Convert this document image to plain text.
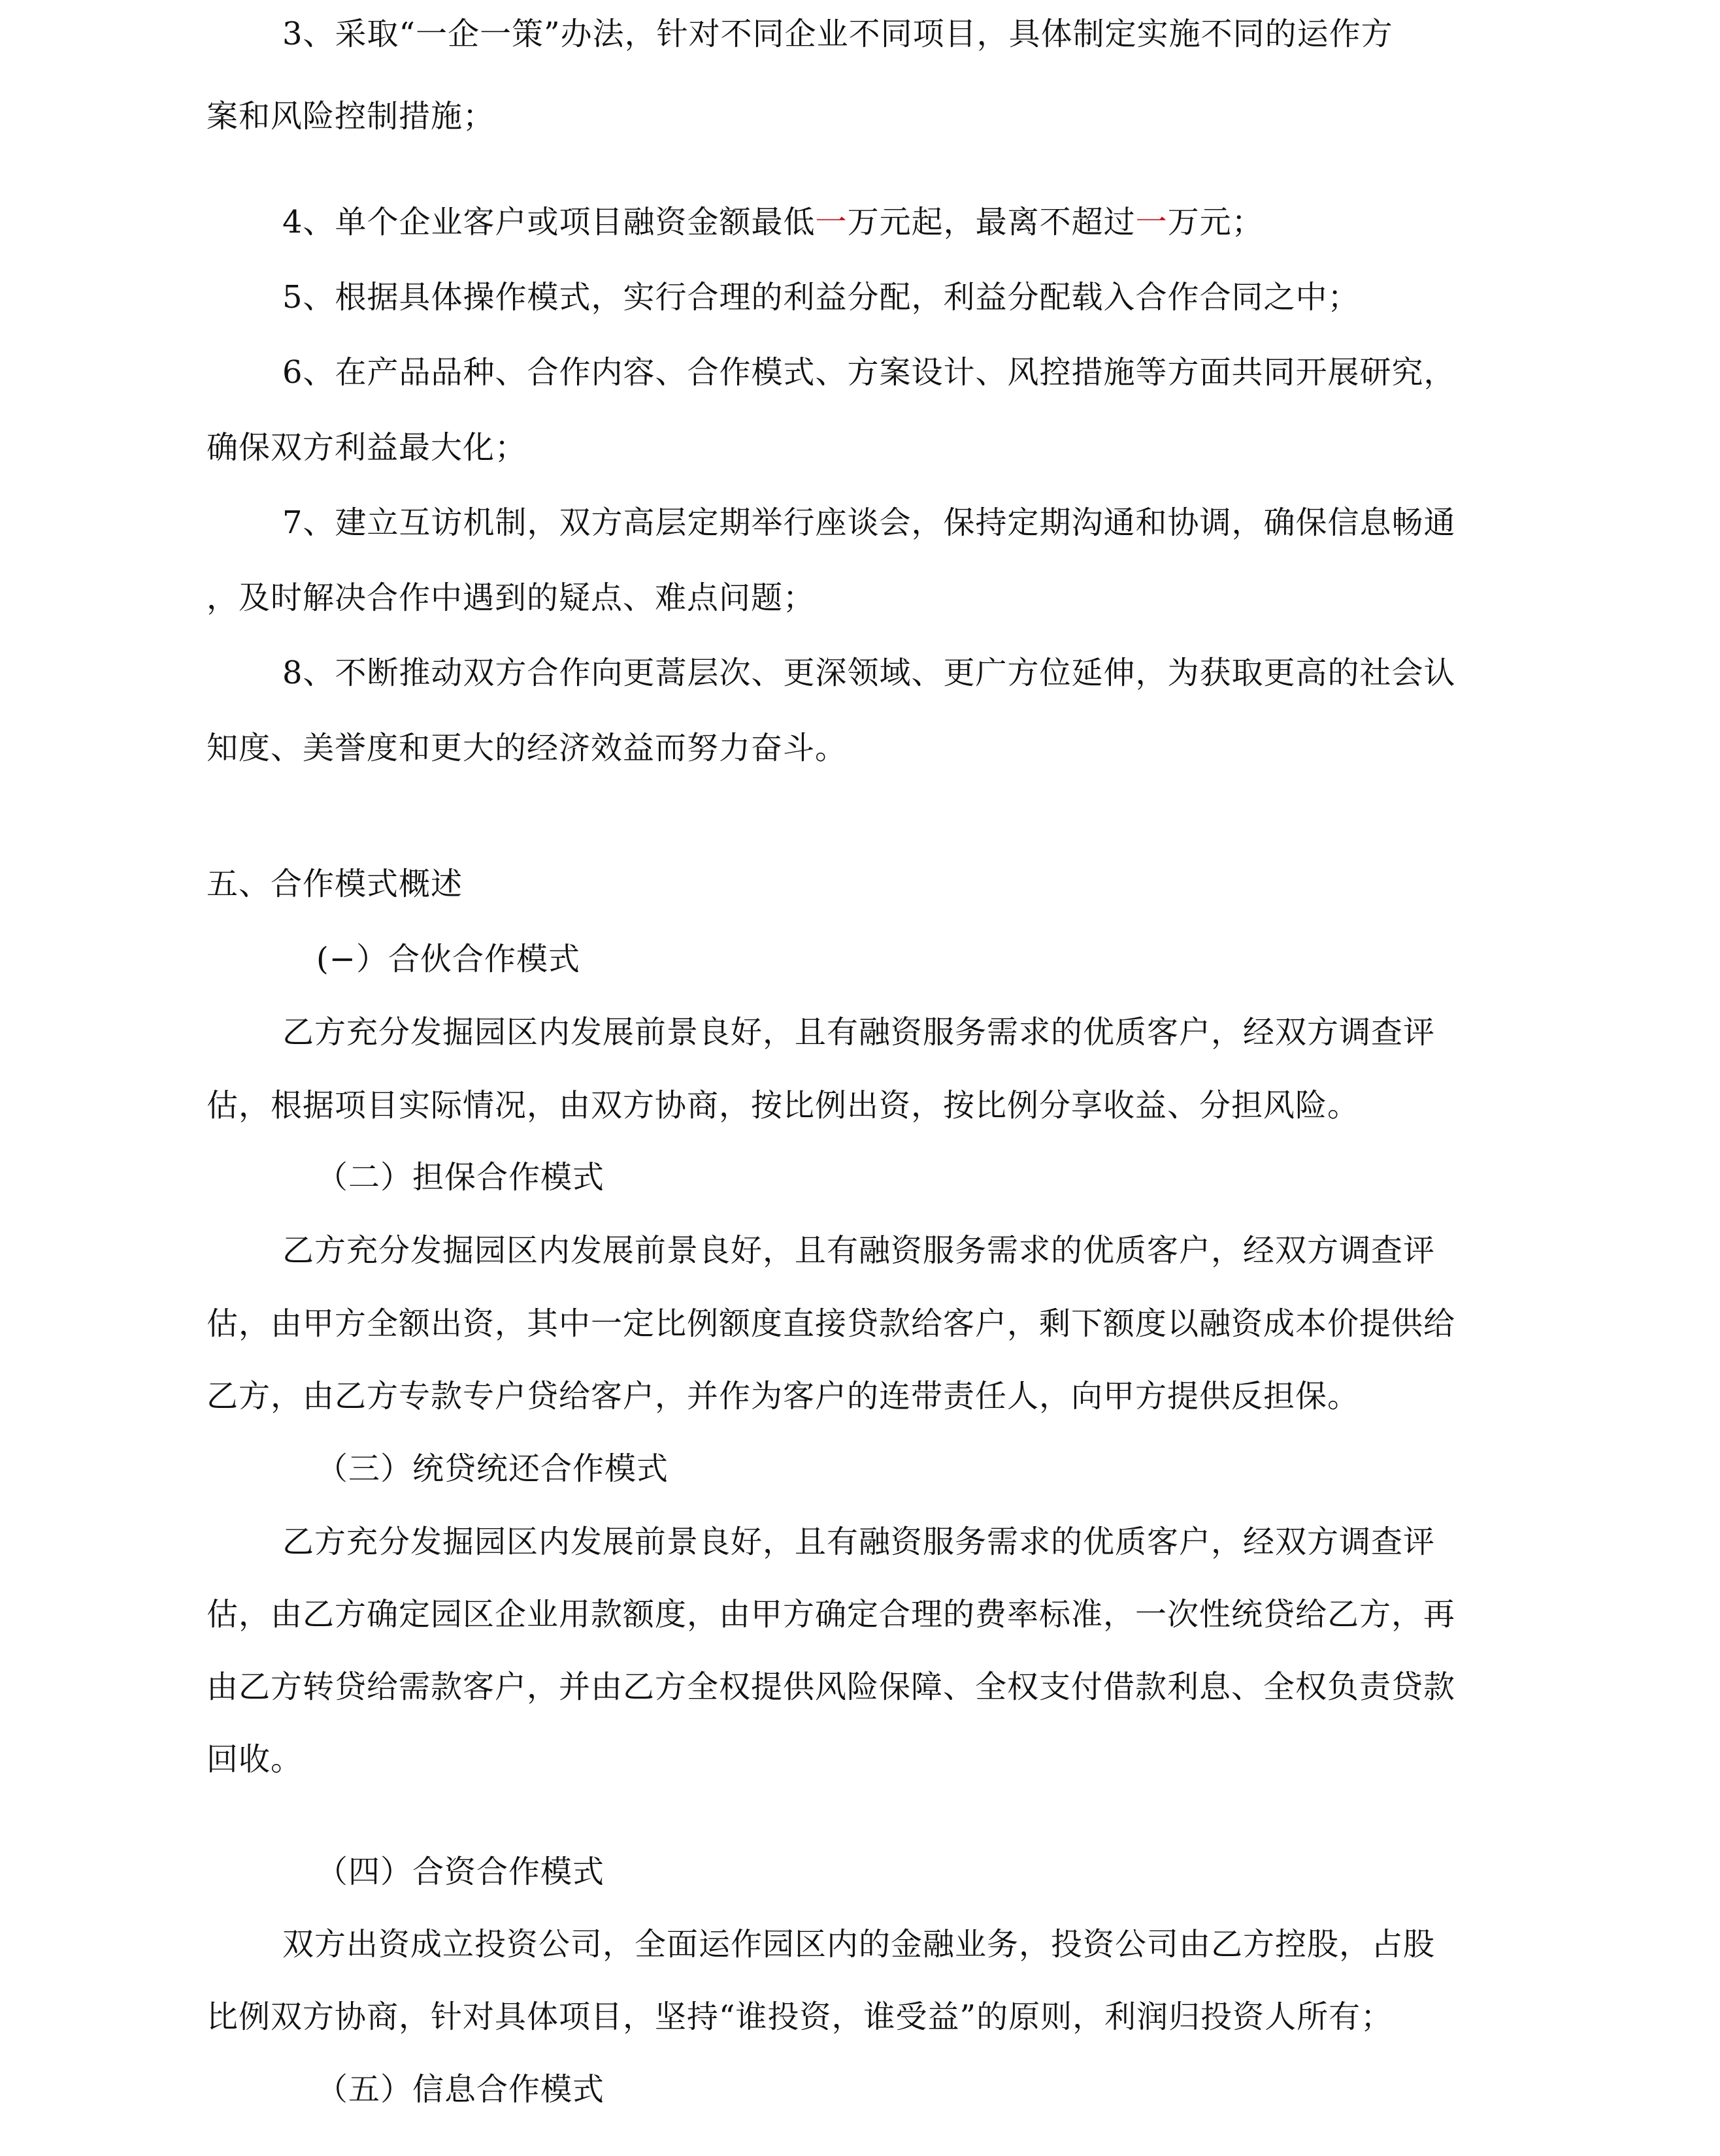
3、采取“一企一策”办法，针对不同企业不同项目，具体制定实施不同的运作方
案和风险控制措施；
4、单个企业客户或项目融资金额最低一万元起，最离不超过一万元；
5、根据具体操作模式，实行合理的利益分配，利益分配载入合作合同之中；
6、在产品品种、合作内容、合作模式、方案设计、风控措施等方面共同开展研究，
确保双方利益最大化；
7、建立互访机制，双方高层定期举行座谈会，保持定期沟通和协调，确保信息畅通
，及时解决合作中遇到的疑点、难点问题；
8、不断推动双方合作向更蒿层次、更深领域、更广方位延伸，为获取更高的社会认
知度、美誉度和更大的经济效益而努力奋斗。
五、合作模式概述
(−）合伙合作模式
乙方充分发掘园区内发展前景良好，且有融资服务需求的优质客户，经双方调查评
估，根据项目实际情况，由双方协商，按比例出资，按比例分享收益、分担风险。
（二）担保合作模式
乙方充分发掘园区内发展前景良好，且有融资服务需求的优质客户，经双方调查评
估，由甲方全额出资，其中一定比例额度直接贷款给客户，剩下额度以融资成本价提供给
乙方，由乙方专款专户贷给客户，并作为客户的连带责任人，向甲方提供反担保。
（三）统贷统还合作模式
乙方充分发掘园区内发展前景良好，且有融资服务需求的优质客户，经双方调查评
估，由乙方确定园区企业用款额度，由甲方确定合理的费率标准，一次性统贷给乙方，再
由乙方转贷给需款客户，并由乙方全权提供风险保障、全权支付借款利息、全权负责贷款
回收。
（四）合资合作模式
双方出资成立投资公司，全面运作园区内的金融业务，投资公司由乙方控股，占股
比例双方协商，针对具体项目，坚持“谁投资，谁受益”的原则，利润归投资人所有；
（五）信息合作模式
